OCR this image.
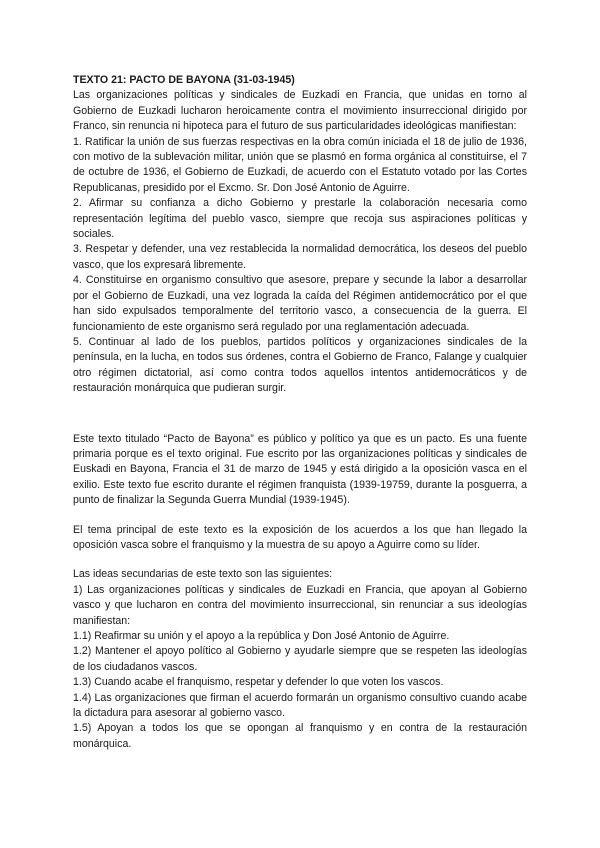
TEXTO 21: PACTO DE BAYONA (31-03-1945)

Las organizaciones políticas y sindicales de Euzkadi en Francia, que unidas en torno al Gobierno de Euzkadi lucharon heroicamente contra el movimiento insurreccional dirigido por Franco, sin renuncia ni hipoteca para el futuro de sus particularidades ideológicas manifiestan:

1. Ratificar la unión de sus fuerzas respectivas en la obra común iniciada el 18 de julio de 1936, con motivo de la sublevación militar, unión que se plasmó en forma orgánica al constituirse, el 7 de octubre de 1936, el Gobierno de Euzkadi, de acuerdo con el Estatuto votado por las Cortes Republicanas, presidido por el Excmo. Sr. Don José Antonio de Aguirre.

2. Afirmar su confianza a dicho Gobierno y prestarle la colaboración necesaria como representación legítima del pueblo vasco, siempre que recoja sus aspiraciones políticas y sociales.

3. Respetar y defender, una vez restablecida la normalidad democrática, los deseos del pueblo vasco, que los expresará libremente.

4. Constituirse en organismo consultivo que asesore, prepare y secunde la labor a desarrollar por el Gobierno de Euzkadi, una vez lograda la caída del Régimen antidemocrático por el que han sido expulsados temporalmente del territorio vasco, a consecuencia de la guerra. El funcionamiento de este organismo será regulado por una reglamentación adecuada.

5. Continuar al lado de los pueblos, partidos políticos y organizaciones sindicales de la península, en la lucha, en todos sus órdenes, contra el Gobierno de Franco, Falange y cualquier otro régimen dictatorial, así como contra todos aquellos intentos antidemocráticos y de restauración monárquica que pudieran surgir.

Este texto titulado “Pacto de Bayona” es público y político ya que es un pacto. Es una fuente primaria porque es el texto original. Fue escrito por las organizaciones políticas y sindicales de Euskadi en Bayona, Francia el 31 de marzo de 1945 y está dirigido a la oposición vasca en el exilio. Este texto fue escrito durante el régimen franquista (1939-19759, durante la posguerra, a punto de finalizar la Segunda Guerra Mundial (1939-1945).

El tema principal de este texto es la exposición de los acuerdos a los que han llegado la oposición vasca sobre el franquismo y la muestra de su apoyo a Aguirre como su líder.

Las ideas secundarias de este texto son las siguientes:

1) Las organizaciones políticas y sindicales de Euzkadi en Francia, que apoyan al Gobierno vasco y que lucharon en contra del movimiento insurreccional, sin renunciar a sus ideologías manifiestan:

1.1) Reafirmar su unión y el apoyo a la república y Don José Antonio de Aguirre.

1.2) Mantener el apoyo político al Gobierno y ayudarle siempre que se respeten las ideologías de los ciudadanos vascos.

1.3) Cuando acabe el franquismo, respetar y defender lo que voten los vascos.

1.4) Las organizaciones que firman el acuerdo formarán un organismo consultivo cuando acabe la dictadura para asesorar al gobierno vasco.

1.5) Apoyan a todos los que se opongan al franquismo y en contra de la restauración monárquica.
